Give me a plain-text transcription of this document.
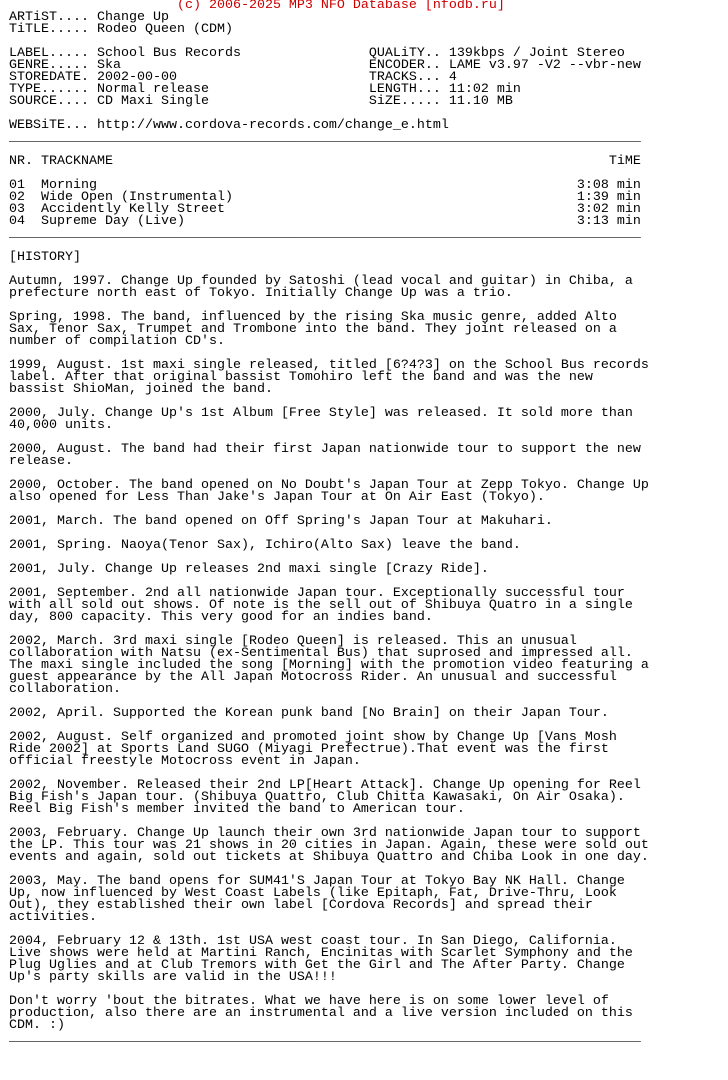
(c) 2006-2025 MP3 NFO Database [nfodb.ru]
ARTiST.... Change Up
TiTLE..... Rodeo Queen (CDM)
LABEL..... School Bus Records                QUALiTY.. 139kbps / Joint Stereo
GENRE..... Ska                               ENCODER.. LAME v3.97 -V2 --vbr-new
STOREDATE. 2002-00-00                        TRACKS... 4
TYPE...... Normal release                    LENGTH... 11:02 min
SOURCE.... CD Maxi Single                    SiZE..... 11.10 MB
WEBSiTE... http://www.cordova-records.com/change_e.html
_______________________________________________________________________________
NR. TRACKNAME                                                              TiME
01  Morning                                                            3:08 min
02  Wide Open (Instrumental)                                           1:39 min
03  Accidently Kelly Street                                            3:02 min
04  Supreme Day (Live)                                                 3:13 min
_______________________________________________________________________________
[HISTORY]
Autumn, 1997. Change Up founded by Satoshi (lead vocal and guitar) in Chiba, a
prefecture north east of Tokyo. Initially Change Up was a trio.
Spring, 1998. The band, influenced by the rising Ska music genre, added Alto
Sax, Tenor Sax, Trumpet and Trombone into the band. They joint released on a
number of compilation CD's.
1999, August. 1st maxi single released, titled [6?4?3] on the School Bus records
label. After that original bassist Tomohiro left the band and was the new
bassist ShioMan, joined the band.
2000, July. Change Up's 1st Album [Free Style] was released. It sold more than
40,000 units.
2000, August. The band had their first Japan nationwide tour to support the new
release.
2000, October. The band opened on No Doubt's Japan Tour at Zepp Tokyo. Change Up
also opened for Less Than Jake's Japan Tour at On Air East (Tokyo).
2001, March. The band opened on Off Spring's Japan Tour at Makuhari.
2001, Spring. Naoya(Tenor Sax), Ichiro(Alto Sax) leave the band.
2001, July. Change Up releases 2nd maxi single [Crazy Ride].
2001, September. 2nd all nationwide Japan tour. Exceptionally successful tour
with all sold out shows. Of note is the sell out of Shibuya Quatro in a single
day, 800 capacity. This very good for an indies band.
2002, March. 3rd maxi single [Rodeo Queen] is released. This an unusual
collaboration with Natsu (ex-Sentimental Bus) that suprosed and impressed all.
The maxi single included the song [Morning] with the promotion video featuring a
guest appearance by the All Japan Motocross Rider. An unusual and successful
collaboration.
2002, April. Supported the Korean punk band [No Brain] on their Japan Tour.
2002, August. Self organized and promoted joint show by Change Up [Vans Mosh
Ride 2002] at Sports Land SUGO (Miyagi Prefectrue).That event was the first
official freestyle Motocross event in Japan.
2002, November. Released their 2nd LP[Heart Attack]. Change Up opening for Reel
Big Fish's Japan tour. (Shibuya Quattro, Club Chitta Kawasaki, On Air Osaka).
Reel Big Fish's member invited the band to American tour.
2003, February. Change Up launch their own 3rd nationwide Japan tour to support
the LP. This tour was 21 shows in 20 cities in Japan. Again, these were sold out
events and again, sold out tickets at Shibuya Quattro and Chiba Look in one day.
2003, May. The band opens for SUM41'S Japan Tour at Tokyo Bay NK Hall. Change
Up, now influenced by West Coast Labels (like Epitaph, Fat, Drive-Thru, Look
Out), they established their own label [Cordova Records] and spread their
activities.
2004, February 12 & 13th. 1st USA west coast tour. In San Diego, California.
Live shows were held at Martini Ranch, Encinitas with Scarlet Symphony and the
Plug Uglies and at Club Tremors with Get the Girl and The After Party. Change
Up's party skills are valid in the USA!!!
Don't worry 'bout the bitrates. What we have here is on some lower level of
production, also there are an instrumental and a live version included on this
CDM. :)
_______________________________________________________________________________
